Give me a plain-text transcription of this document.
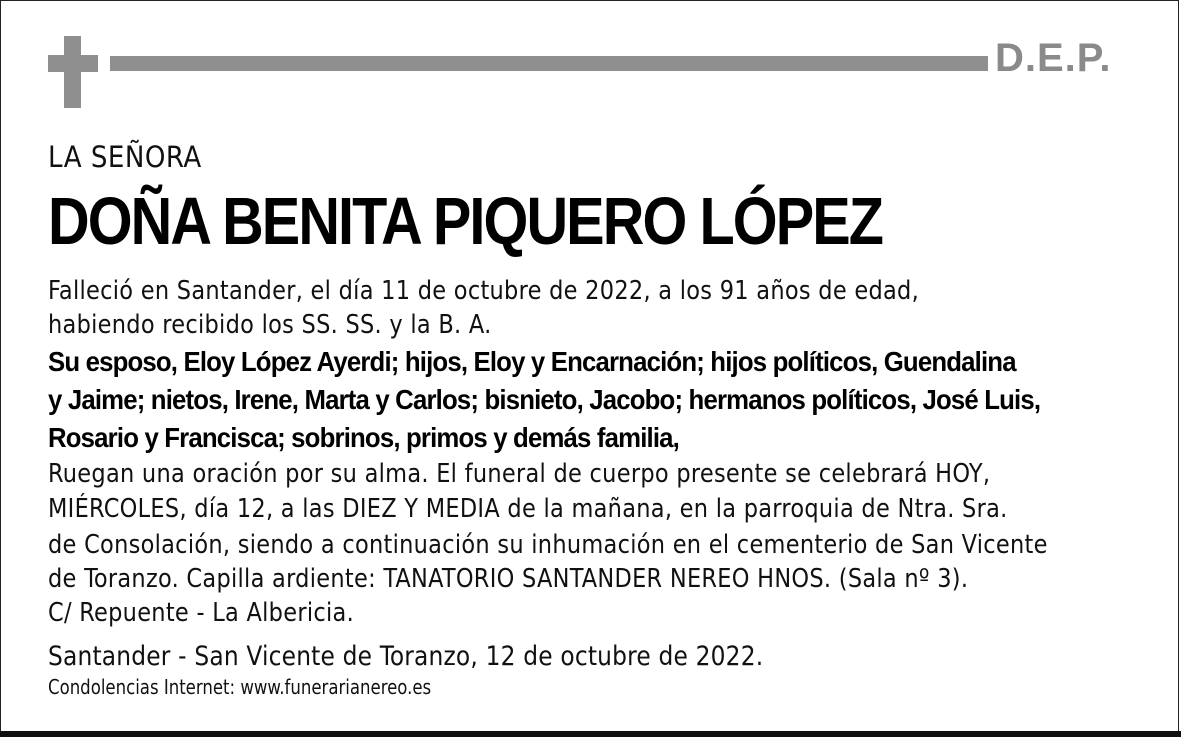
D.E.P.
LA SEÑORA
DOÑA BENITA PIQUERO LÓPEZ
Falleció en Santander, el día 11 de octubre de 2022, a los 91 años de edad,
habiendo recibido los SS. SS. y la B. A.
Su esposo, Eloy López Ayerdi; hijos, Eloy y Encarnación; hijos políticos, Guendalina
y Jaime; nietos, Irene, Marta y Carlos; bisnieto, Jacobo; hermanos políticos, José Luis,
Rosario y Francisca; sobrinos, primos y demás familia,
Ruegan una oración por su alma. El funeral de cuerpo presente se celebrará HOY,
MIÉRCOLES, día 12, a las DIEZ Y MEDIA de la mañana, en la parroquia de Ntra. Sra.
de Consolación, siendo a continuación su inhumación en el cementerio de San Vicente
de Toranzo. Capilla ardiente: TANATORIO SANTANDER NEREO HNOS. (Sala nº 3).
C/ Repuente - La Albericia.
Santander - San Vicente de Toranzo, 12 de octubre de 2022.
Condolencias Internet: www.funerarianereo.es
